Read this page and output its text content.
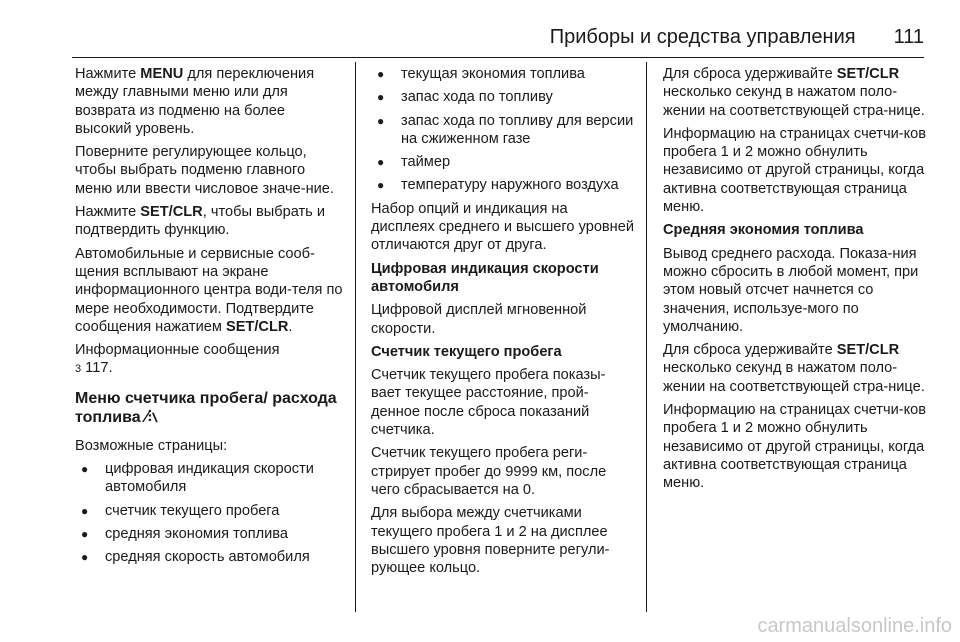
Приборы и средства управления 111

Нажмите MENU для переключения между главными меню или для возврата из подменю на более высокий уровень.

Поверните регулирующее кольцо, чтобы выбрать подменю главного меню или ввести числовое значе-ние.

Нажмите SET/CLR, чтобы выбрать и подтвердить функцию.

Автомобильные и сервисные сооб-щения всплывают на экране информационного центра води-теля по мере необходимости. Подтвердите сообщения нажатием SET/CLR.

Информационные сообщения
3 117.

Меню счетчика пробега/ расхода топлива ⁄⫶∖

Возможные страницы:

● цифровая индикация скорости автомобиля
● счетчик текущего пробега
● средняя экономия топлива
● средняя скорость автомобиля
● текущая экономия топлива
● запас хода по топливу
● запас хода по топливу для версии на сжиженном газе
● таймер
● температуру наружного воздуха

Набор опций и индикация на дисплеях среднего и высшего уровней отличаются друг от друга.

Цифровая индикация скорости автомобиля

Цифровой дисплей мгновенной скорости.

Счетчик текущего пробега

Счетчик текущего пробега показы-вает текущее расстояние, прой-денное после сброса показаний счетчика.

Счетчик текущего пробега реги-стрирует пробег до 9999 км, после чего сбрасывается на 0.

Для выбора между счетчиками текущего пробега 1 и 2 на дисплее высшего уровня поверните регули-рующее кольцо.

Для сброса удерживайте SET/CLR несколько секунд в нажатом поло-жении на соответствующей стра-нице.

Информацию на страницах счетчи-ков пробега 1 и 2 можно обнулить независимо от другой страницы, когда активна соответствующая страница меню.

Средняя экономия топлива

Вывод среднего расхода. Показа-ния можно сбросить в любой момент, при этом новый отсчет начнется со значения, используе-мого по умолчанию.

Для сброса удерживайте SET/CLR несколько секунд в нажатом поло-жении на соответствующей стра-нице.

Информацию на страницах счетчи-ков пробега 1 и 2 можно обнулить независимо от другой страницы, когда активна соответствующая страница меню.

carmanualsonline.info
